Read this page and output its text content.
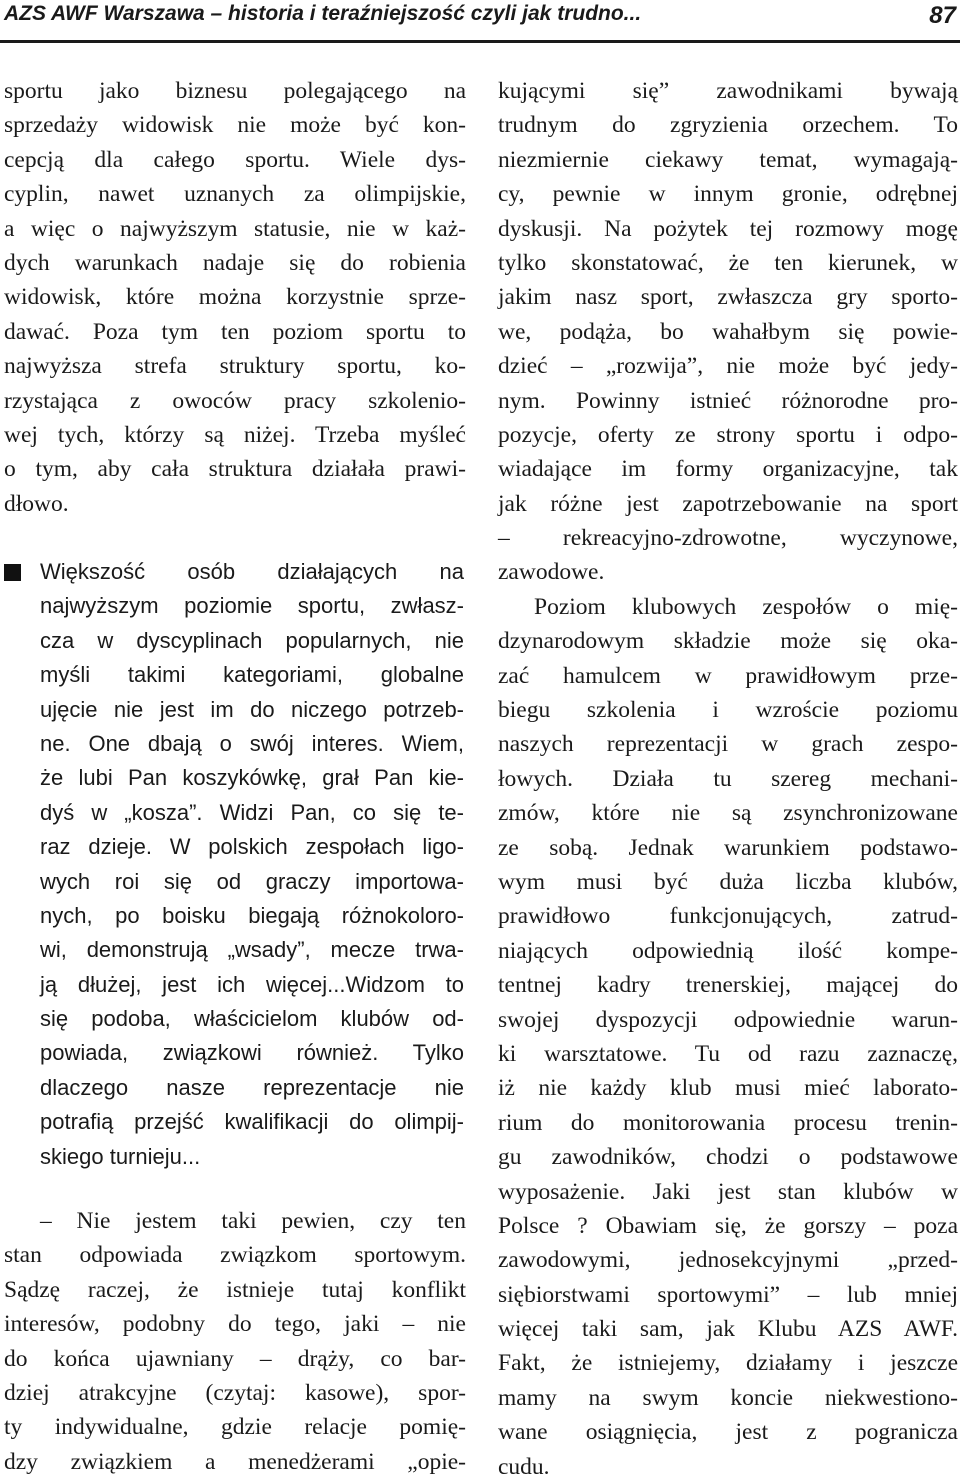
AZS AWF Warszawa – historia i teraźniejszość czyli jak trudno...	87
sportu jako biznesu polegającego na
sprzedaży widowisk nie może być kon-
cepcją dla całego sportu. Wiele dys-
cyplin, nawet uznanych za olimpijskie,
a więc o najwyższym statusie, nie w każ-
dych warunkach nadaje się do robienia
widowisk, które można korzystnie sprze-
dawać. Poza tym ten poziom sportu to
najwyższa strefa struktury sportu, ko-
rzystająca z owoców pracy szkolenio-
wej tych, którzy są niżej. Trzeba myśleć
o tym, aby cała struktura działała prawi-
dłowo.
Większość osób działających na
najwyższym poziomie sportu, zwłasz-
cza w dyscyplinach popularnych, nie
myśli takimi kategoriami, globalne
ujęcie nie jest im do niczego potrzeb-
ne. One dbają o swój interes. Wiem,
że lubi Pan koszykówkę, grał Pan kie-
dyś w „kosza”. Widzi Pan, co się te-
raz dzieje. W polskich zespołach ligo-
wych roi się od graczy importowa-
nych, po boisku biegają różnokoloro-
wi, demonstrują „wsady”, mecze trwa-
ją dłużej, jest ich więcej...Widzom to
się podoba, właścicielom klubów od-
powiada, związkowi również. Tylko
dlaczego nasze reprezentacje nie
potrafią przejść kwalifikacji do olimpij-
skiego turnieju...
– Nie jestem taki pewien, czy ten
stan odpowiada związkom sportowym.
Sądzę raczej, że istnieje tutaj konflikt
interesów, podobny do tego, jaki – nie
do końca ujawniany – drąży, co bar-
dziej atrakcyjne (czytaj: kasowe), spor-
ty indywidualne, gdzie relacje pomię-
dzy związkiem a menedżerami „opie-
kującymi się” zawodnikami bywają
trudnym do zgryzienia orzechem. To
niezmiernie ciekawy temat, wymagają-
cy, pewnie w innym gronie, odrębnej
dyskusji. Na pożytek tej rozmowy mogę
tylko skonstatować, że ten kierunek, w
jakim nasz sport, zwłaszcza gry sporto-
we, podąża, bo wahałbym się powie-
dzieć – „rozwija”, nie może być jedy-
nym. Powinny istnieć różnorodne pro-
pozycje, oferty ze strony sportu i odpo-
wiadające im formy organizacyjne, tak
jak różne jest zapotrzebowanie na sport
– rekreacyjno-zdrowotne, wyczynowe,
zawodowe.
Poziom klubowych zespołów o mię-
dzynarodowym składzie może się oka-
zać hamulcem w prawidłowym prze-
biegu szkolenia i wzroście poziomu
naszych reprezentacji w grach zespo-
łowych. Działa tu szereg mechani-
zmów, które nie są zsynchronizowane
ze sobą. Jednak warunkiem podstawo-
wym musi być duża liczba klubów,
prawidłowo funkcjonujących, zatrud-
niających odpowiednią ilość kompe-
tentnej kadry trenerskiej, mającej do
swojej dyspozycji odpowiednie warun-
ki warsztatowe. Tu od razu zaznaczę,
iż nie każdy klub musi mieć laborato-
rium do monitorowania procesu trenin-
gu zawodników, chodzi o podstawowe
wyposażenie. Jaki jest stan klubów w
Polsce ? Obawiam się, że gorszy – poza
zawodowymi, jednosekcyjnymi „przed-
siębiorstwami sportowymi” – lub mniej
więcej taki sam, jak Klubu AZS AWF.
Fakt, że istniejemy, działamy i jeszcze
mamy na swym koncie niekwestiono-
wane osiągnięcia, jest z pogranicza
cudu.
